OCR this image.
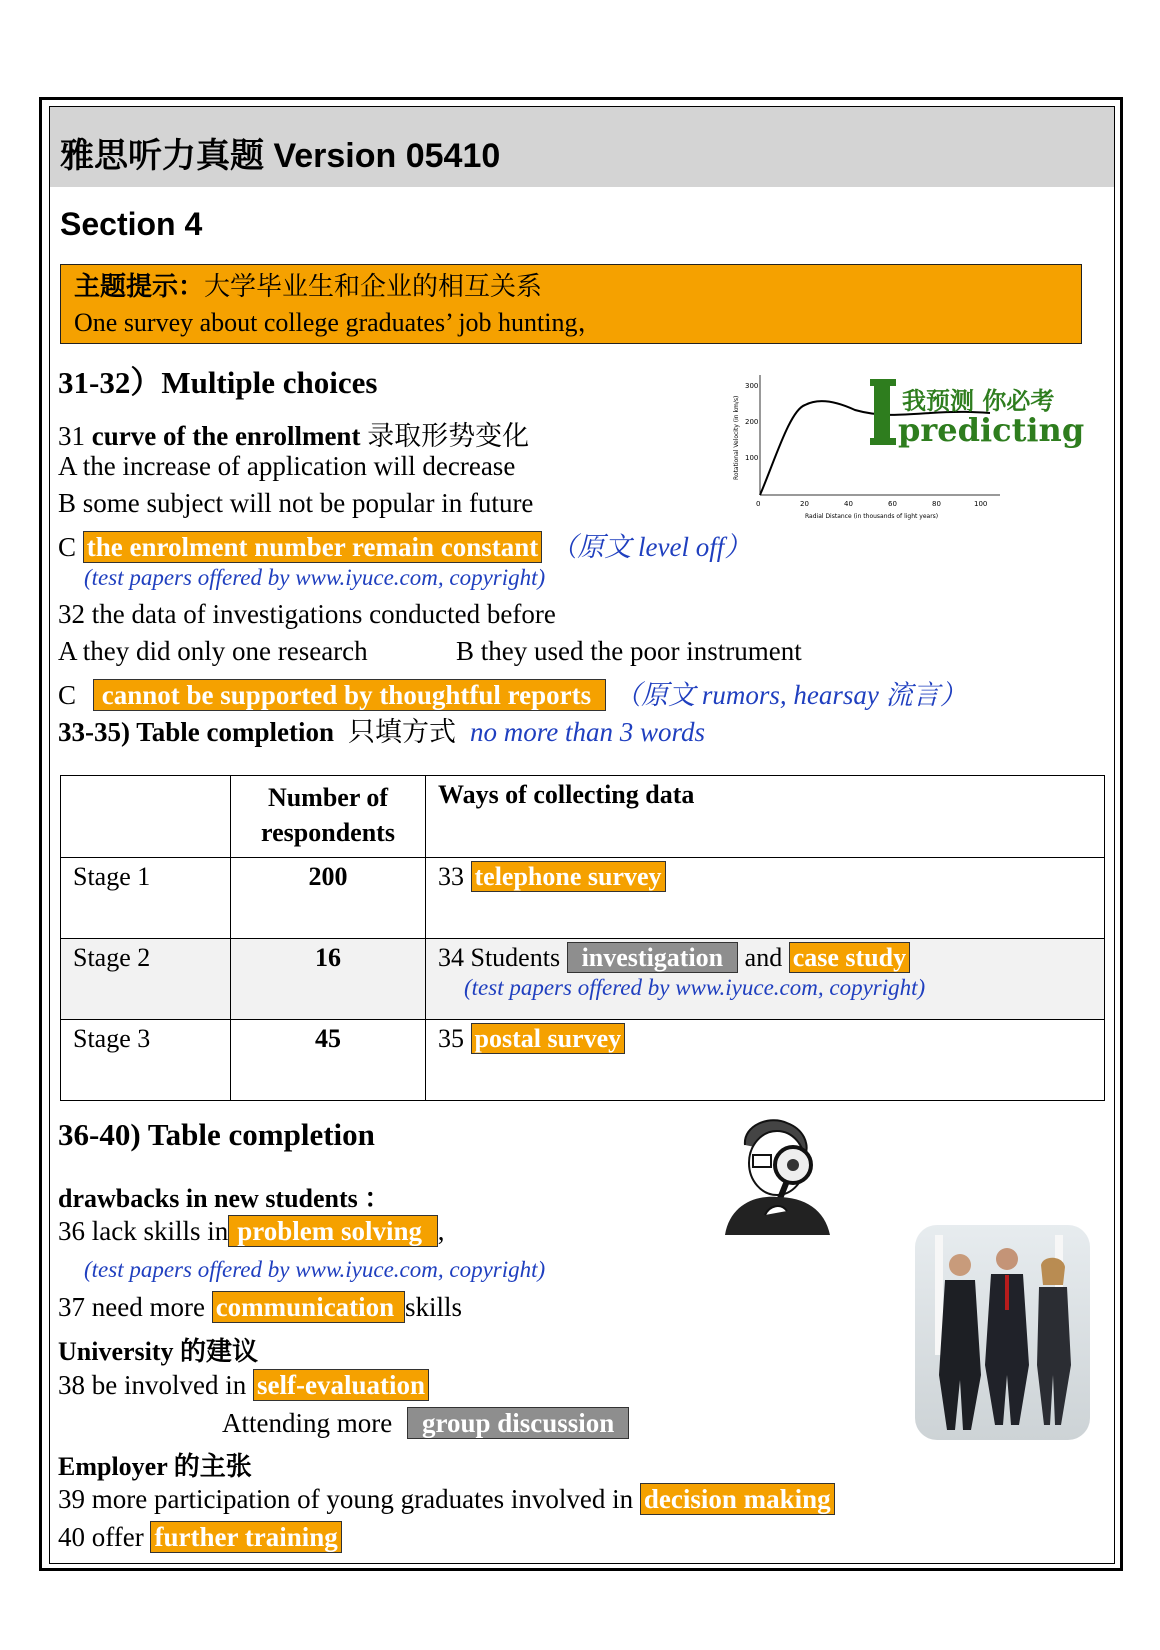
雅思听力真题 Version 05410
Section 4
主题提示：大学毕业生和企业的相互关系
One survey about college graduates’ job hunting，
31-32）Multiple choices
31 curve of the enrollment 录取形势变化
A the increase of application will decrease
B some subject will not be popular in future
C the enrolment number remain constant （原文 level off）
(test papers offered by www.iyuce.com, copyright)
32 the data of investigations conducted before
A they did only one research	B they used the poor instrument
C cannot be supported by thoughtful reports （原文 rumors, hearsay 流言）
33-35) Table completion 只填方式 no more than 3 words
	Number of respondents	Ways of collecting data
Stage 1	200	33 telephone survey
Stage 2	16	34 Students investigation and case study
(test papers offered by www.iyuce.com, copyright)

Stage 3	45	35 postal survey
36-40) Table completion
drawbacks in new students ：
36 lack skills in problem solving ,
(test papers offered by www.iyuce.com, copyright)
37 need more communication skills
University 的建议
38 be involved in self-evaluation
Attending more group discussion
Employer 的主张
39 more participation of young graduates involved in decision making
40 offer further training
300
200
100
0	20	40	60	80	100
Radial Distance (in thousands of light years)
Rotational Velocity (in km/s)	我预测 你必考
predicting
